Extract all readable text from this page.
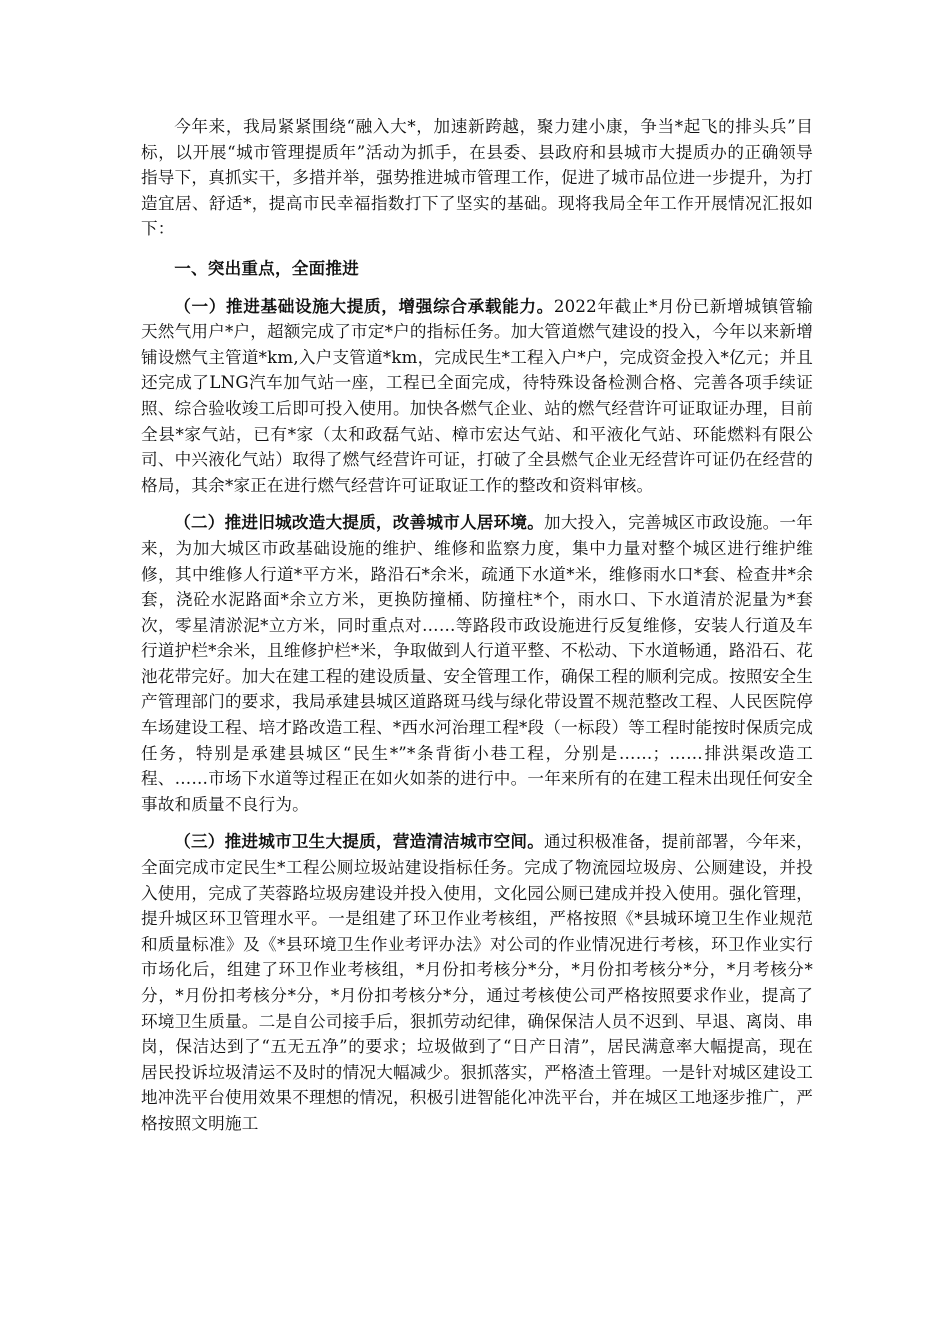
今年来，我局紧紧围绕“融入大*，加速新跨越，聚力建小康，争当*起飞的排头兵”目标，以开展“城市管理提质年”活动为抓手，在县委、县政府和县城市大提质办的正确领导指导下，真抓实干，多措并举，强势推进城市管理工作，促进了城市品位进一步提升，为打造宜居、舒适*，提高市民幸福指数打下了坚实的基础。现将我局全年工作开展情况汇报如下：

一、突出重点，全面推进

（一）推进基础设施大提质，增强综合承载能力。2022年截止*月份已新增城镇管输天然气用户*户，超额完成了市定*户的指标任务。加大管道燃气建设的投入，今年以来新增铺设燃气主管道*km,入户支管道*km，完成民生*工程入户*户，完成资金投入*亿元；并且还完成了LNG汽车加气站一座，工程已全面完成，待特殊设备检测合格、完善各项手续证照、综合验收竣工后即可投入使用。加快各燃气企业、站的燃气经营许可证取证办理，目前全县*家气站，已有*家（太和政磊气站、樟市宏达气站、和平液化气站、环能燃料有限公司、中兴液化气站）取得了燃气经营许可证，打破了全县燃气企业无经营许可证仍在经营的格局，其余*家正在进行燃气经营许可证取证工作的整改和资料审核。

（二）推进旧城改造大提质，改善城市人居环境。加大投入，完善城区市政设施。一年来，为加大城区市政基础设施的维护、维修和监察力度，集中力量对整个城区进行维护维修，其中维修人行道*平方米，路沿石*余米，疏通下水道*米，维修雨水口*套、检查井*余套，浇砼水泥路面*余立方米，更换防撞桶、防撞柱*个，雨水口、下水道清於泥量为*套次，零星清淤泥*立方米，同时重点对……等路段市政设施进行反复维修，安装人行道及车行道护栏*余米，且维修护栏*米，争取做到人行道平整、不松动、下水道畅通，路沿石、花池花带完好。加大在建工程的建设质量、安全管理工作，确保工程的顺利完成。按照安全生产管理部门的要求，我局承建县城区道路斑马线与绿化带设置不规范整改工程、人民医院停车场建设工程、培才路改造工程、*西水河治理工程*段（一标段）等工程时能按时保质完成任务，特别是承建县城区“民生*”*条背街小巷工程，分别是……；……排洪渠改造工程、……市场下水道等过程正在如火如荼的进行中。一年来所有的在建工程未出现任何安全事故和质量不良行为。

（三）推进城市卫生大提质，营造清洁城市空间。通过积极准备，提前部署，今年来，全面完成市定民生*工程公厕垃圾站建设指标任务。完成了物流园垃圾房、公厕建设，并投入使用，完成了芙蓉路垃圾房建设并投入使用，文化园公厕已建成并投入使用。强化管理，提升城区环卫管理水平。一是组建了环卫作业考核组，严格按照《*县城环境卫生作业规范和质量标准》及《*县环境卫生作业考评办法》对公司的作业情况进行考核，环卫作业实行市场化后，组建了环卫作业考核组，*月份扣考核分*分，*月份扣考核分*分，*月考核分*分，*月份扣考核分*分，*月份扣考核分*分，通过考核使公司严格按照要求作业，提高了环境卫生质量。二是自公司接手后，狠抓劳动纪律，确保保洁人员不迟到、早退、离岗、串岗，保洁达到了“五无五净”的要求；垃圾做到了“日产日清”，居民满意率大幅提高，现在居民投诉垃圾清运不及时的情况大幅减少。狠抓落实，严格渣土管理。一是针对城区建设工地冲洗平台使用效果不理想的情况，积极引进智能化冲洗平台，并在城区工地逐步推广，严格按照文明施工
